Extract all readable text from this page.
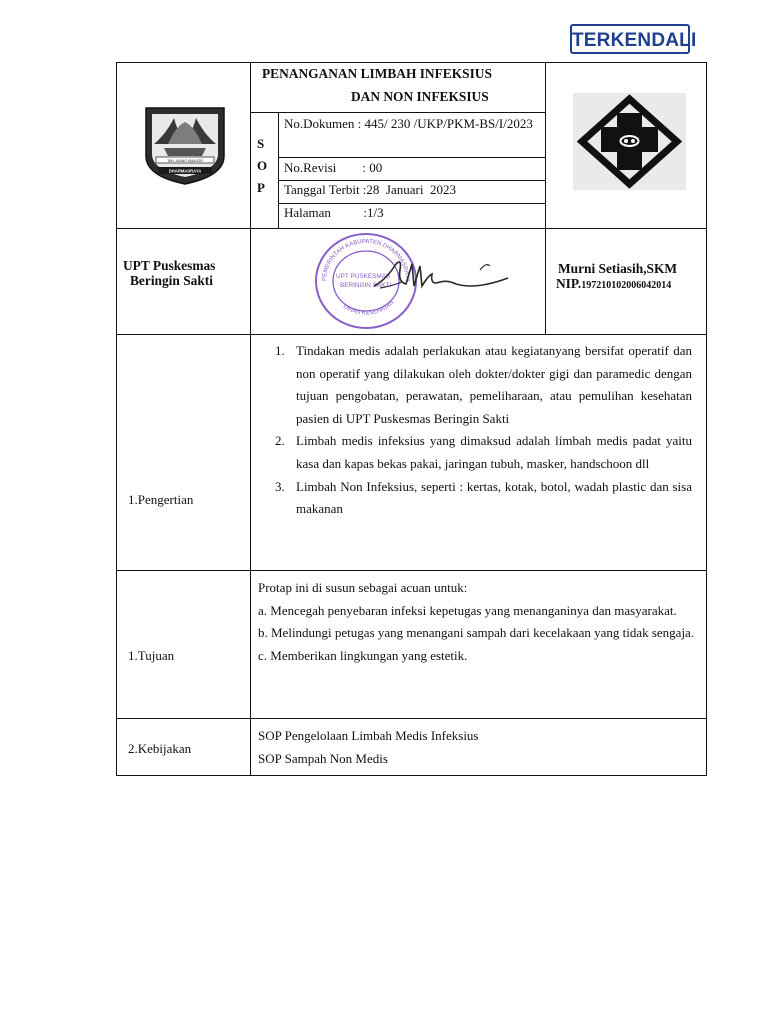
TERKENDALI
TAH JUANG AMAJOR
DHARMASRAYA
PENANGANAN LIMBAH INFEKSIUS
DAN NON INFEKSIUS
S
O
P
No.Dokumen : 445/ 230 /UKP/PKM-BS/I/2023
No.Revisi        : 00
Tanggal Terbit :28  Januari  2023
Halaman          :1/3
UPT Puskesmas
Beringin Sakti	PEMERINTAH KABUPATEN DHARMASRAYA
DINAS KESEHATAN
UPT PUSKESMAS
BERINGIN SAKTI
Murni Setiasih,SKM
NIP.197210102006042014
1.Pengertian
1. Tindakan medis adalah perlakukan atau kegiatanyang bersifat operatif dan non operatif yang dilakukan oleh dokter/dokter gigi dan paramedic dengan tujuan pengobatan, perawatan, pemeliharaan, atau pemulihan kesehatan pasien di UPT Puskesmas Beringin Sakti
2. Limbah medis infeksius yang dimaksud adalah limbah medis padat yaitu kasa dan kapas bekas pakai, jaringan tubuh, masker, handschoon dll
3. Limbah Non Infeksius, seperti : kertas, kotak, botol, wadah plastic dan sisa makanan
1.Tujuan
Protap ini di susun sebagai acuan untuk:
a. Mencegah penyebaran infeksi kepetugas yang menanganinya dan masyarakat.
b. Melindungi petugas yang menangani sampah dari kecelakaan yang tidak sengaja.
c. Memberikan lingkungan yang estetik.
2.Kebijakan
SOP Pengelolaan Limbah Medis Infeksius
SOP Sampah Non Medis
